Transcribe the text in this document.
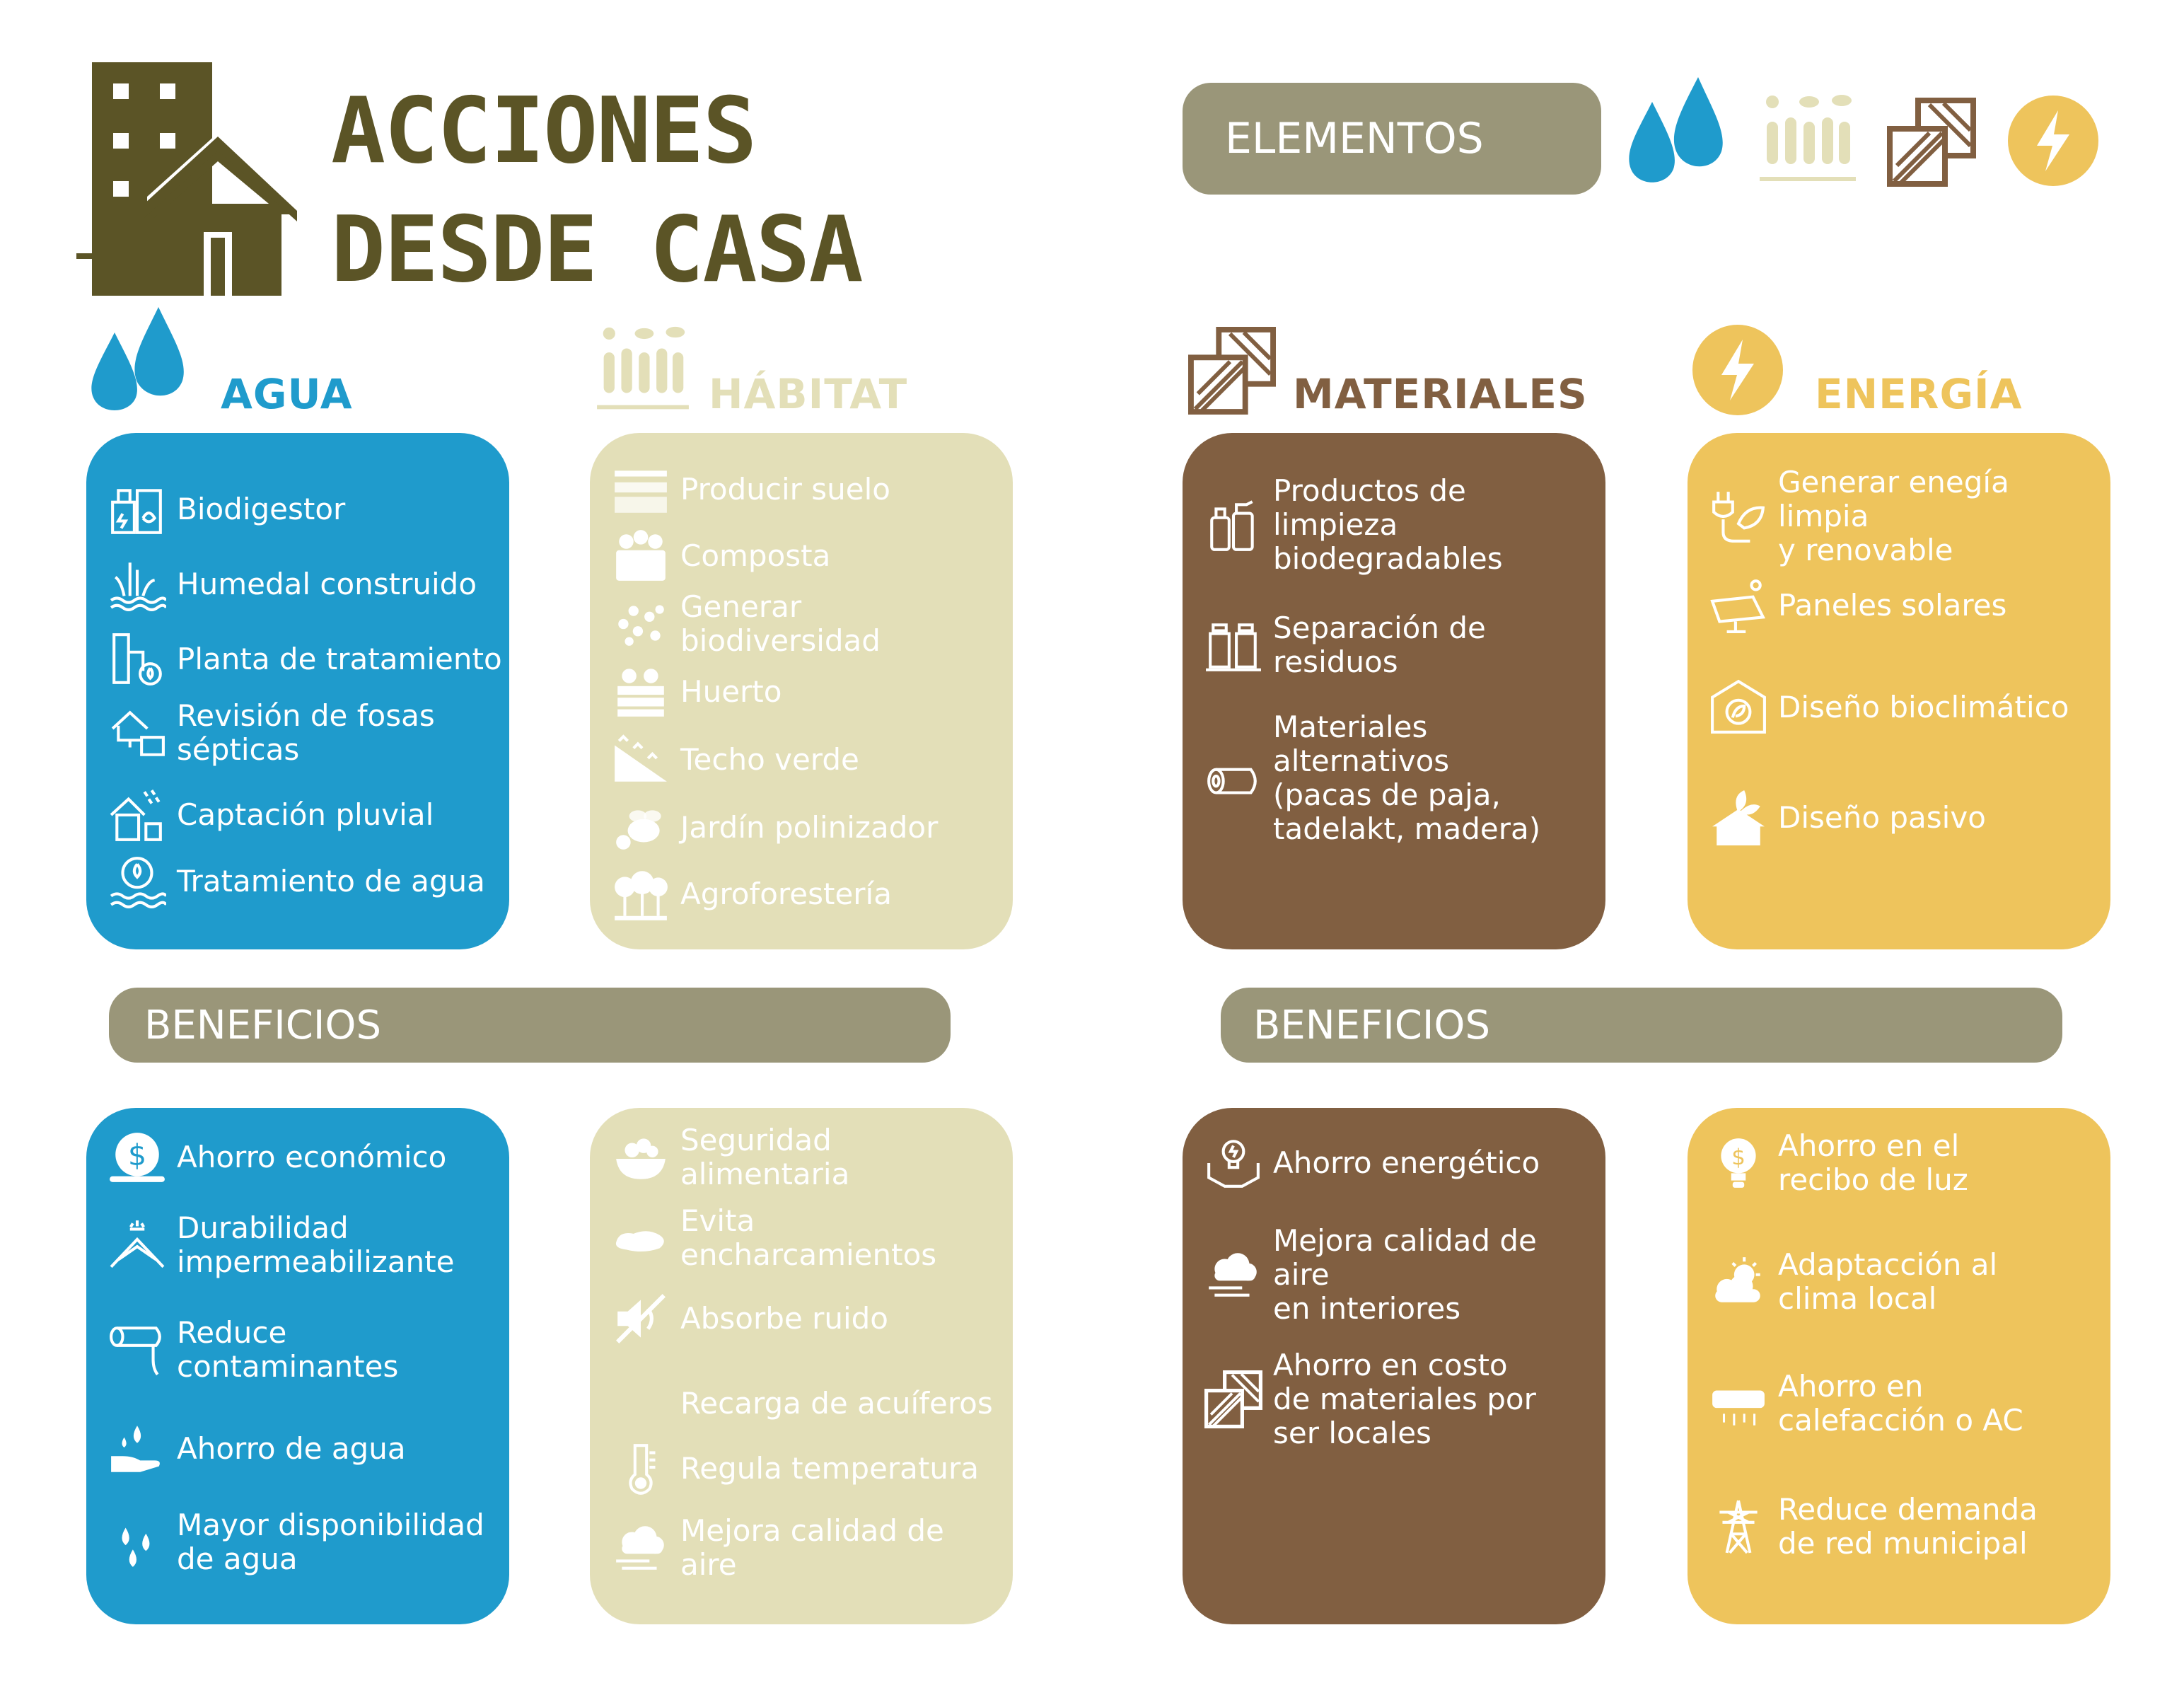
ACCIONES
DESDE CASA
ELEMENTOS
AGUA	HÁBITAT	MATERIALES	ENERGÍA
Biodigestor
Humedal construido
Planta de tratamiento
Revisión de fosas
sépticas
Captación pluvial
Tratamiento de agua
Producir suelo
Composta
Generar biodiversidad
Huerto
Techo verde
Jardín polinizador
Agroforestería
Productos de limpieza
biodegradables
Separación de residuos
Materiales alternativos
(pacas de paja,
tadelakt, madera)
Generar enegía limpia
y renovable
Paneles solares
Diseño bioclimático
Diseño pasivo
BENEFICIOS	BENEFICIOS
$ Ahorro económico
Durabilidad
impermeabilizante
Reduce
contaminantes
Ahorro de agua
Mayor disponibilidad
de agua
Seguridad alimentaria
Evita encharcamientos
Absorbe ruido
Recarga de acuíferos
Regula temperatura
Mejora calidad de aire
Ahorro energético
Mejora calidad de aire
en interiores
Ahorro en costo
de materiales por
ser locales
$ Ahorro en el
recibo de luz
Adaptacción al
clima local
Ahorro en
calefacción o AC
Reduce demanda
de red municipal
